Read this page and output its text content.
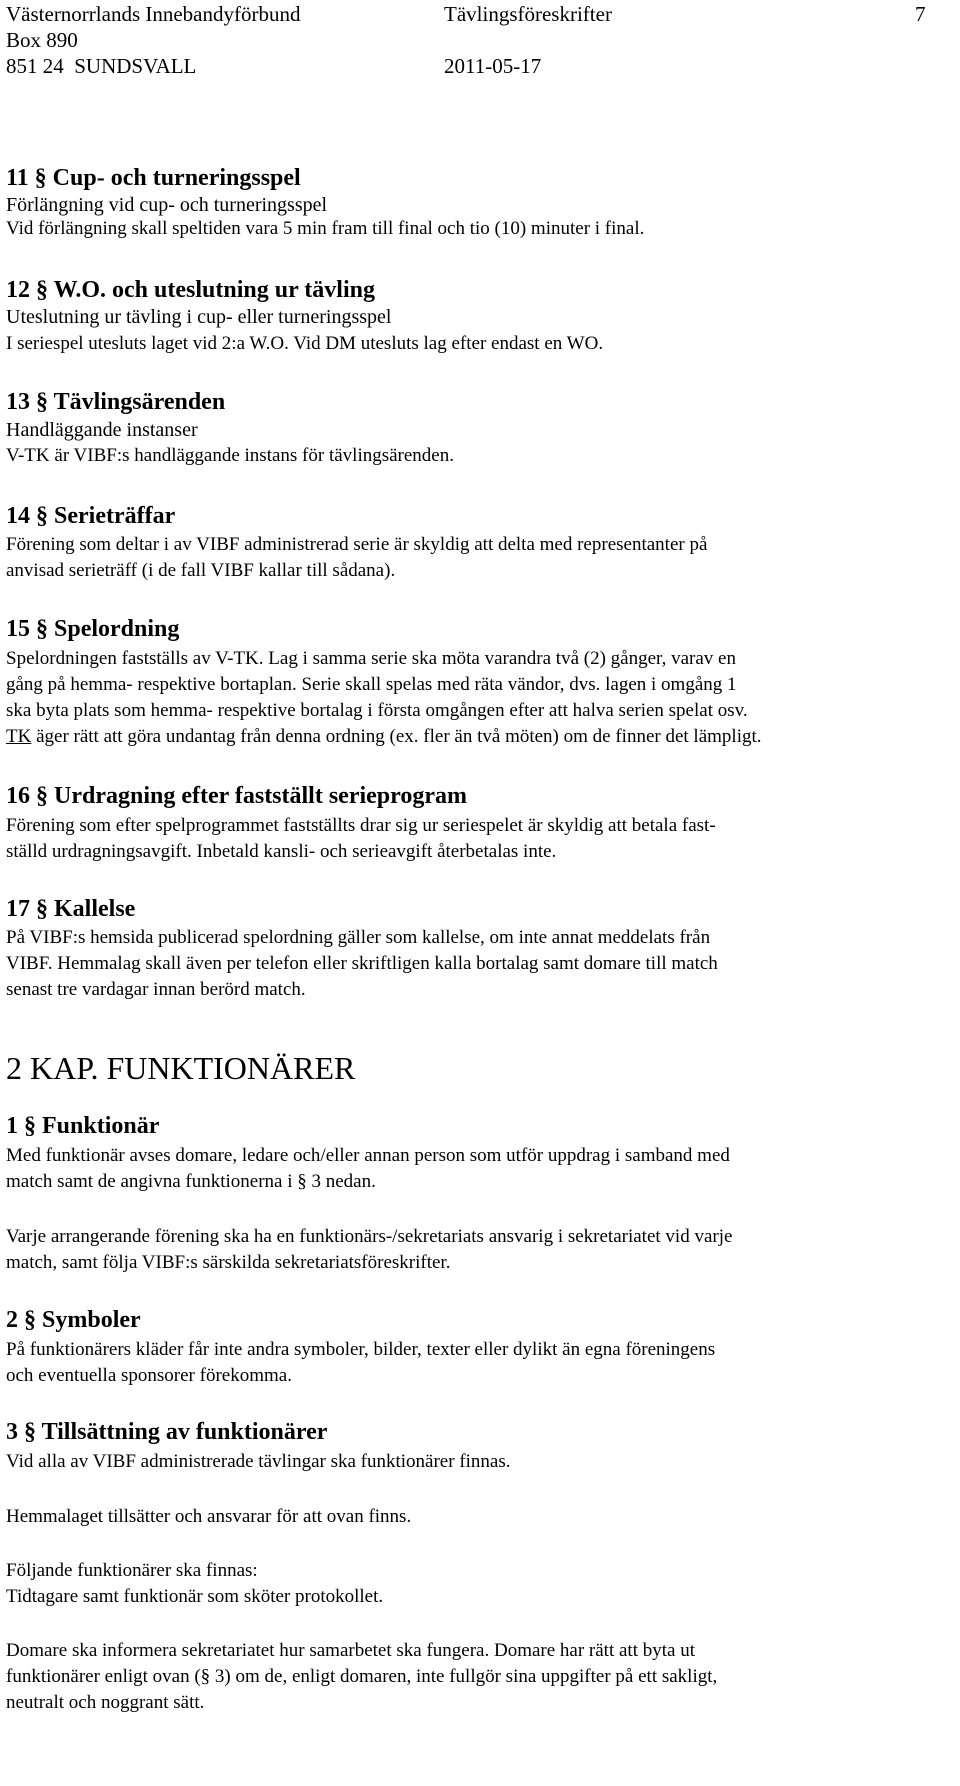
Västernorrlands Innebandyförbund	Tävlingsföreskrifter	7
Box 890
851 24  SUNDSVALL	2011-05-17
11 § Cup- och turneringsspel
Förlängning vid cup- och turneringsspel
Vid förlängning skall speltiden vara 5 min fram till final och tio (10) minuter i final.
12 § W.O. och uteslutning ur tävling
Uteslutning ur tävling i cup- eller turneringsspel
I seriespel utesluts laget vid 2:a W.O. Vid DM utesluts lag efter endast en WO.
13 § Tävlingsärenden
Handläggande instanser
V-TK är VIBF:s handläggande instans för tävlingsärenden.
14 § Serieträffar
Förening som deltar i av VIBF administrerad serie är skyldig att delta med representanter på
anvisad serieträff (i de fall VIBF kallar till sådana).
15 § Spelordning
Spelordningen fastställs av V-TK. Lag i samma serie ska möta varandra två (2) gånger, varav en
gång på hemma- respektive bortaplan. Serie skall spelas med räta vändor, dvs. lagen i omgång 1
ska byta plats som hemma- respektive bortalag i första omgången efter att halva serien spelat osv.
TK äger rätt att göra undantag från denna ordning (ex. fler än två möten) om de finner det lämpligt.
16 § Urdragning efter fastställt serieprogram
Förening som efter spelprogrammet fastställts drar sig ur seriespelet är skyldig att betala fast-
ställd urdragningsavgift. Inbetald kansli- och serieavgift återbetalas inte.
17 § Kallelse
På VIBF:s hemsida publicerad spelordning gäller som kallelse, om inte annat meddelats från
VIBF. Hemmalag skall även per telefon eller skriftligen kalla bortalag samt domare till match
senast tre vardagar innan berörd match.
2 KAP. FUNKTIONÄRER
1 § Funktionär
Med funktionär avses domare, ledare och/eller annan person som utför uppdrag i samband med
match samt de angivna funktionerna i § 3 nedan.
Varje arrangerande förening ska ha en funktionärs-/sekretariats ansvarig i sekretariatet vid varje
match, samt följa VIBF:s särskilda sekretariatsföreskrifter.
2 § Symboler
På funktionärers kläder får inte andra symboler, bilder, texter eller dylikt än egna föreningens
och eventuella sponsorer förekomma.
3 § Tillsättning av funktionärer
Vid alla av VIBF administrerade tävlingar ska funktionärer finnas.
Hemmalaget tillsätter och ansvarar för att ovan finns.
Följande funktionärer ska finnas:
Tidtagare samt funktionär som sköter protokollet.
Domare ska informera sekretariatet hur samarbetet ska fungera. Domare har rätt att byta ut
funktionärer enligt ovan (§ 3) om de, enligt domaren, inte fullgör sina uppgifter på ett sakligt,
neutralt och noggrant sätt.
